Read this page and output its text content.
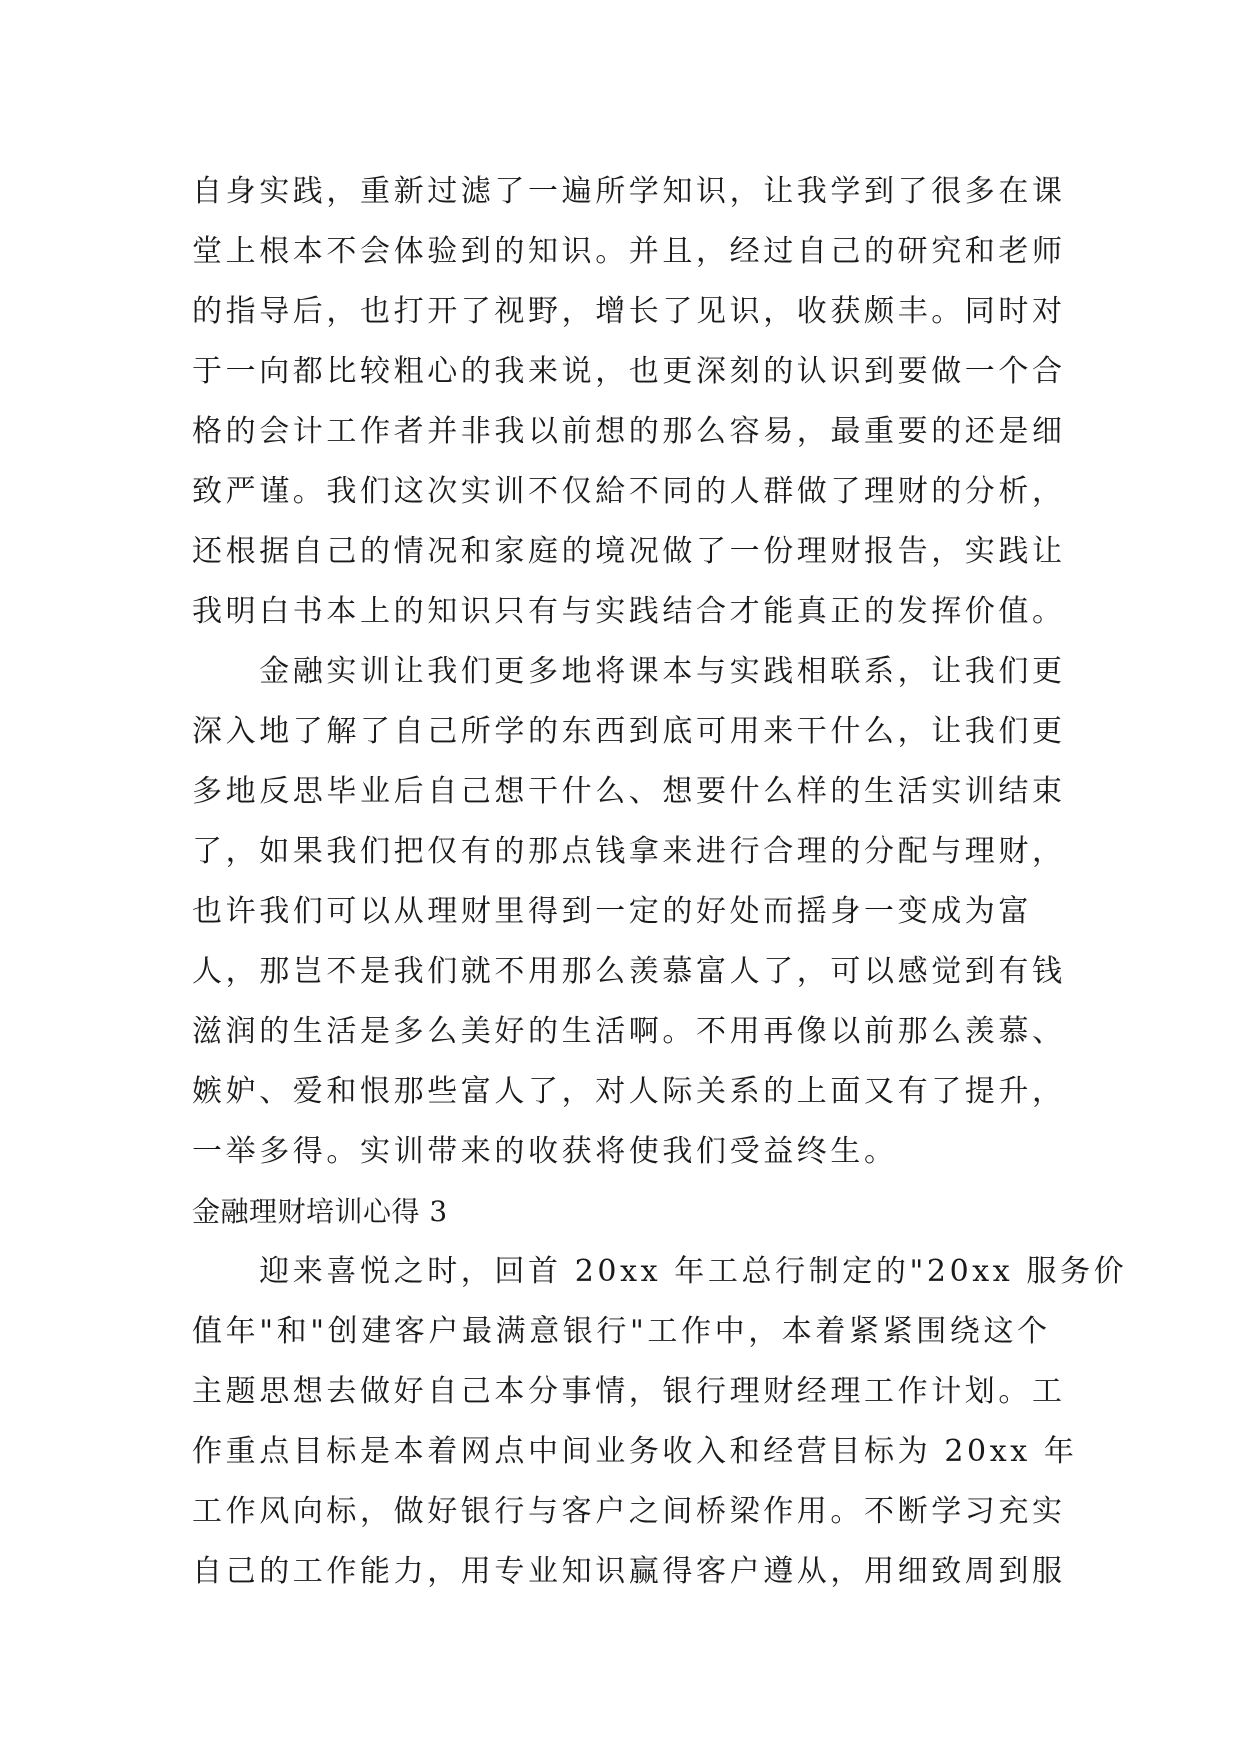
自身实践，重新过滤了一遍所学知识，让我学到了很多在课
堂上根本不会体验到的知识。并且，经过自己的研究和老师
的指导后，也打开了视野，增长了见识，收获颇丰。同时对
于一向都比较粗心的我来说，也更深刻的认识到要做一个合
格的会计工作者并非我以前想的那么容易，最重要的还是细
致严谨。我们这次实训不仅給不同的人群做了理财的分析，
还根据自己的情况和家庭的境况做了一份理财报告，实践让
我明白书本上的知识只有与实践结合才能真正的发挥价值。
　　金融实训让我们更多地将课本与实践相联系，让我们更
深入地了解了自己所学的东西到底可用来干什么，让我们更
多地反思毕业后自己想干什么、想要什么样的生活实训结束
了，如果我们把仅有的那点钱拿来进行合理的分配与理财，
也许我们可以从理财里得到一定的好处而摇身一变成为富
人，那岂不是我们就不用那么羡慕富人了，可以感觉到有钱
滋润的生活是多么美好的生活啊。不用再像以前那么羡慕、
嫉妒、爱和恨那些富人了，对人际关系的上面又有了提升，
一举多得。实训带来的收获将使我们受益终生。
金融理财培训心得 3
　　迎来喜悦之时，回首 20xx 年工总行制定的"20xx 服务价
值年"和"创建客户最满意银行"工作中，本着紧紧围绕这个
主题思想去做好自己本分事情，银行理财经理工作计划。工
作重点目标是本着网点中间业务收入和经营目标为 20xx 年
工作风向标，做好银行与客户之间桥梁作用。不断学习充实
自己的工作能力，用专业知识赢得客户遵从，用细致周到服
